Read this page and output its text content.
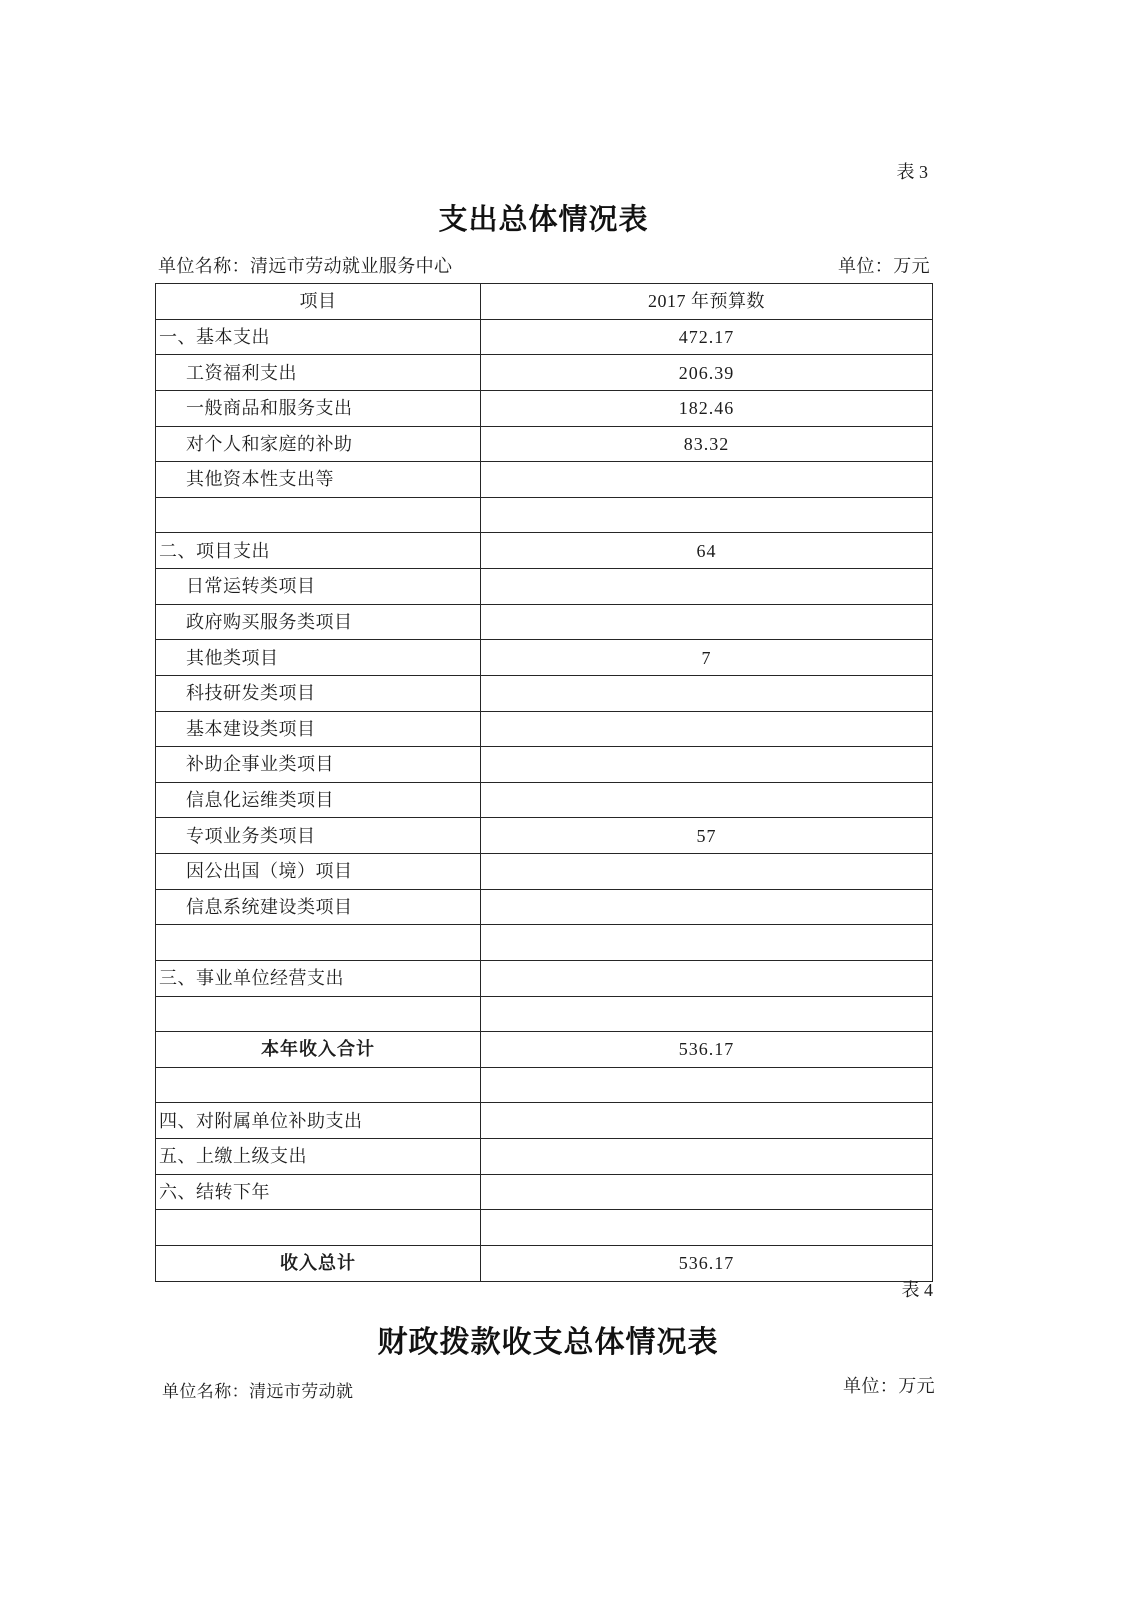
表 3
支出总体情况表
单位名称：清远市劳动就业服务中心	单位：万元
项目	2017 年预算数
一、基本支出	472.17
工资福利支出	206.39
一般商品和服务支出	182.46
对个人和家庭的补助	83.32
其他资本性支出等	

二、项目支出	64
日常运转类项目	
政府购买服务类项目	
其他类项目	7
科技研发类项目	
基本建设类项目	
补助企事业类项目	
信息化运维类项目	
专项业务类项目	57
因公出国（境）项目	
信息系统建设类项目	

三、事业单位经营支出	

本年收入合计	536.17

四、对附属单位补助支出	
五、上缴上级支出	
六、结转下年	

收入总计	536.17
表 4
财政拨款收支总体情况表
单位名称：清远市劳动就	单位：万元
